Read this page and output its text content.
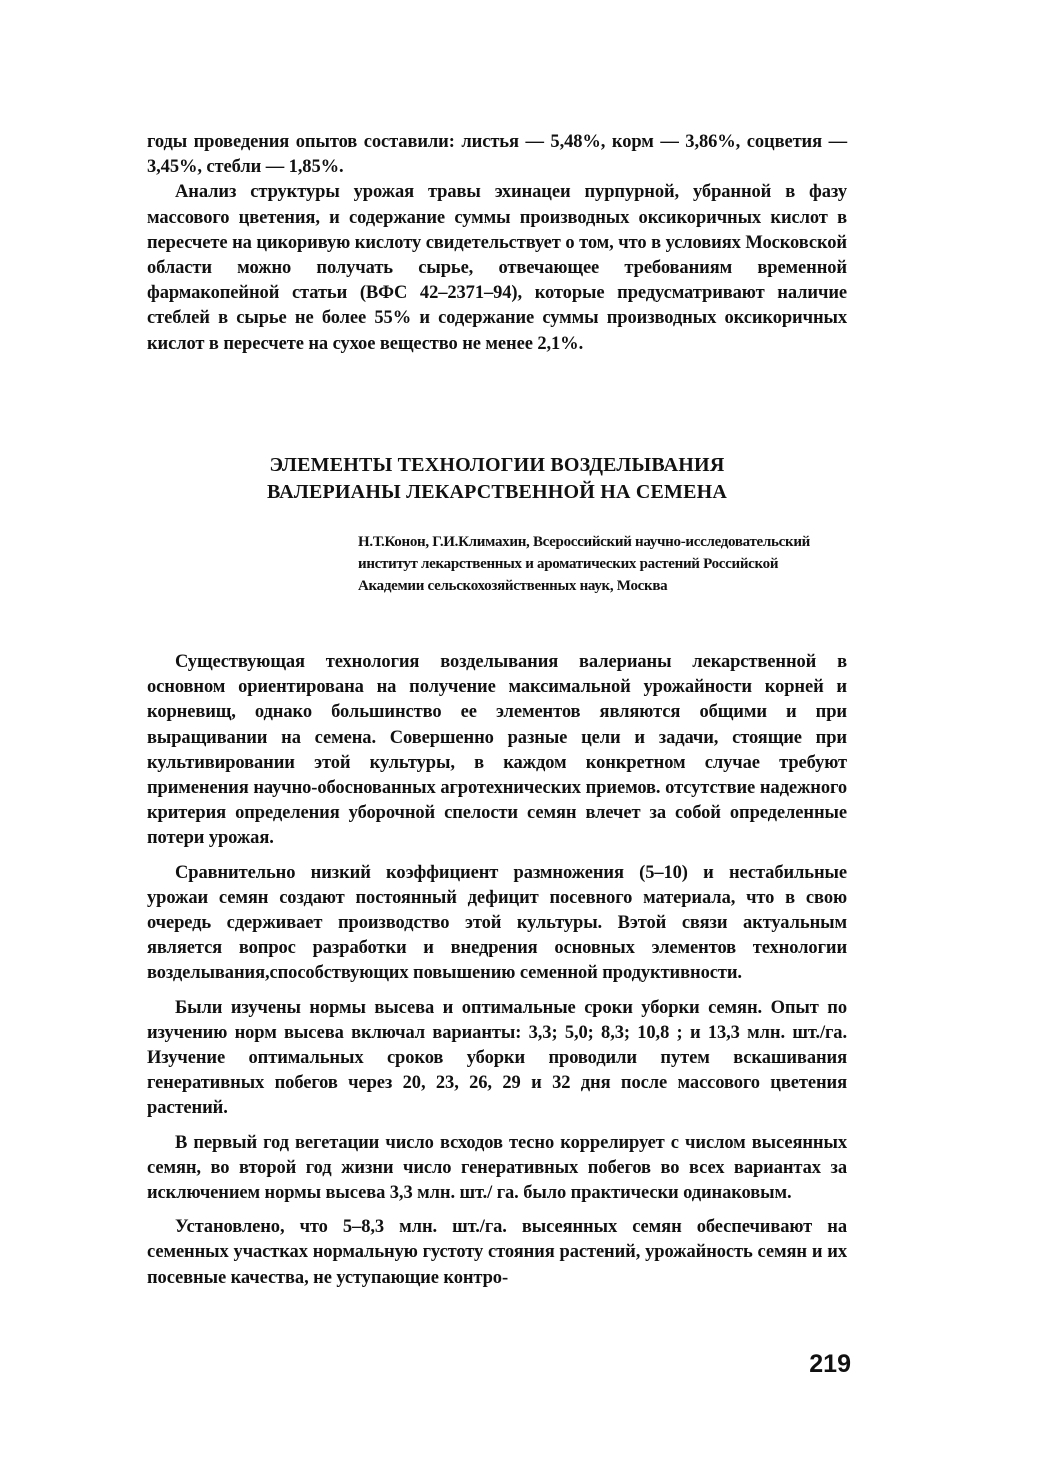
годы проведения опытов составили: листья — 5,48%, корм — 3,86%, соцветия — 3,45%, стебли — 1,85%.

Анализ структуры урожая травы эхинацеи пурпурной, убранной в фазу массового цветения, и содержание суммы производных оксикоричных кислот в пересчете на цикоривую кислоту свидетельствует о том, что в условиях Московской области можно получать сырье, отвечающее требованиям временной фармакопейной статьи (ВФС 42–2371–94), которые предусматривают наличие стеблей в сырье не более 55% и содержание суммы производных оксикоричных кислот в пересчете на сухое вещество не менее 2,1%.

ЭЛЕМЕНТЫ ТЕХНОЛОГИИ ВОЗДЕЛЫВАНИЯ
ВАЛЕРИАНЫ ЛЕКАРСТВЕННОЙ НА СЕМЕНА
Н.Т.Конон, Г.И.Климахин, Всероссийский научно-исследовательский институт лекарственных и ароматических растений Российской Академии сельскохозяйственных наук, Москва

Существующая технология возделывания валерианы лекарственной в основном ориентирована на получение максимальной урожайности корней и корневищ, однако большинство ее элементов являются общими и при выращивании на семена. Совершенно разные цели и задачи, стоящие при культивировании этой культуры, в каждом конкретном случае требуют применения научно-обоснованных агротехнических приемов. отсутствие надежного критерия определения уборочной спелости семян влечет за собой определенные потери урожая.

Сравнительно низкий коэффициент размножения (5–10) и нестабильные урожаи семян создают постоянный дефицит посевного материала, что в свою очередь сдерживает производство этой культуры. Вэтой связи актуальным является вопрос разработки и внедрения основных элементов технологии возделывания,способствующих повышению семенной продуктивности.

Были изучены нормы высева и оптимальные сроки уборки семян. Опыт по изучению норм высева включал варианты: 3,3; 5,0; 8,3; 10,8 ; и 13,3 млн. шт./га. Изучение оптимальных сроков уборки проводили путем вскашивания генеративных побегов через 20, 23, 26, 29 и 32 дня после массового цветения растений.

В первый год вегетации число всходов тесно коррелирует с числом высеянных семян, во второй год жизни число генеративных побегов во всех вариантах за исключением нормы высева 3,3 млн. шт./ га. было практически одинаковым.

Установлено, что 5–8,3 млн. шт./га. высеянных семян обеспечивают на семенных участках нормальную густоту стояния растений, урожайность семян и их посевные качества, не уступающие контро-

219
